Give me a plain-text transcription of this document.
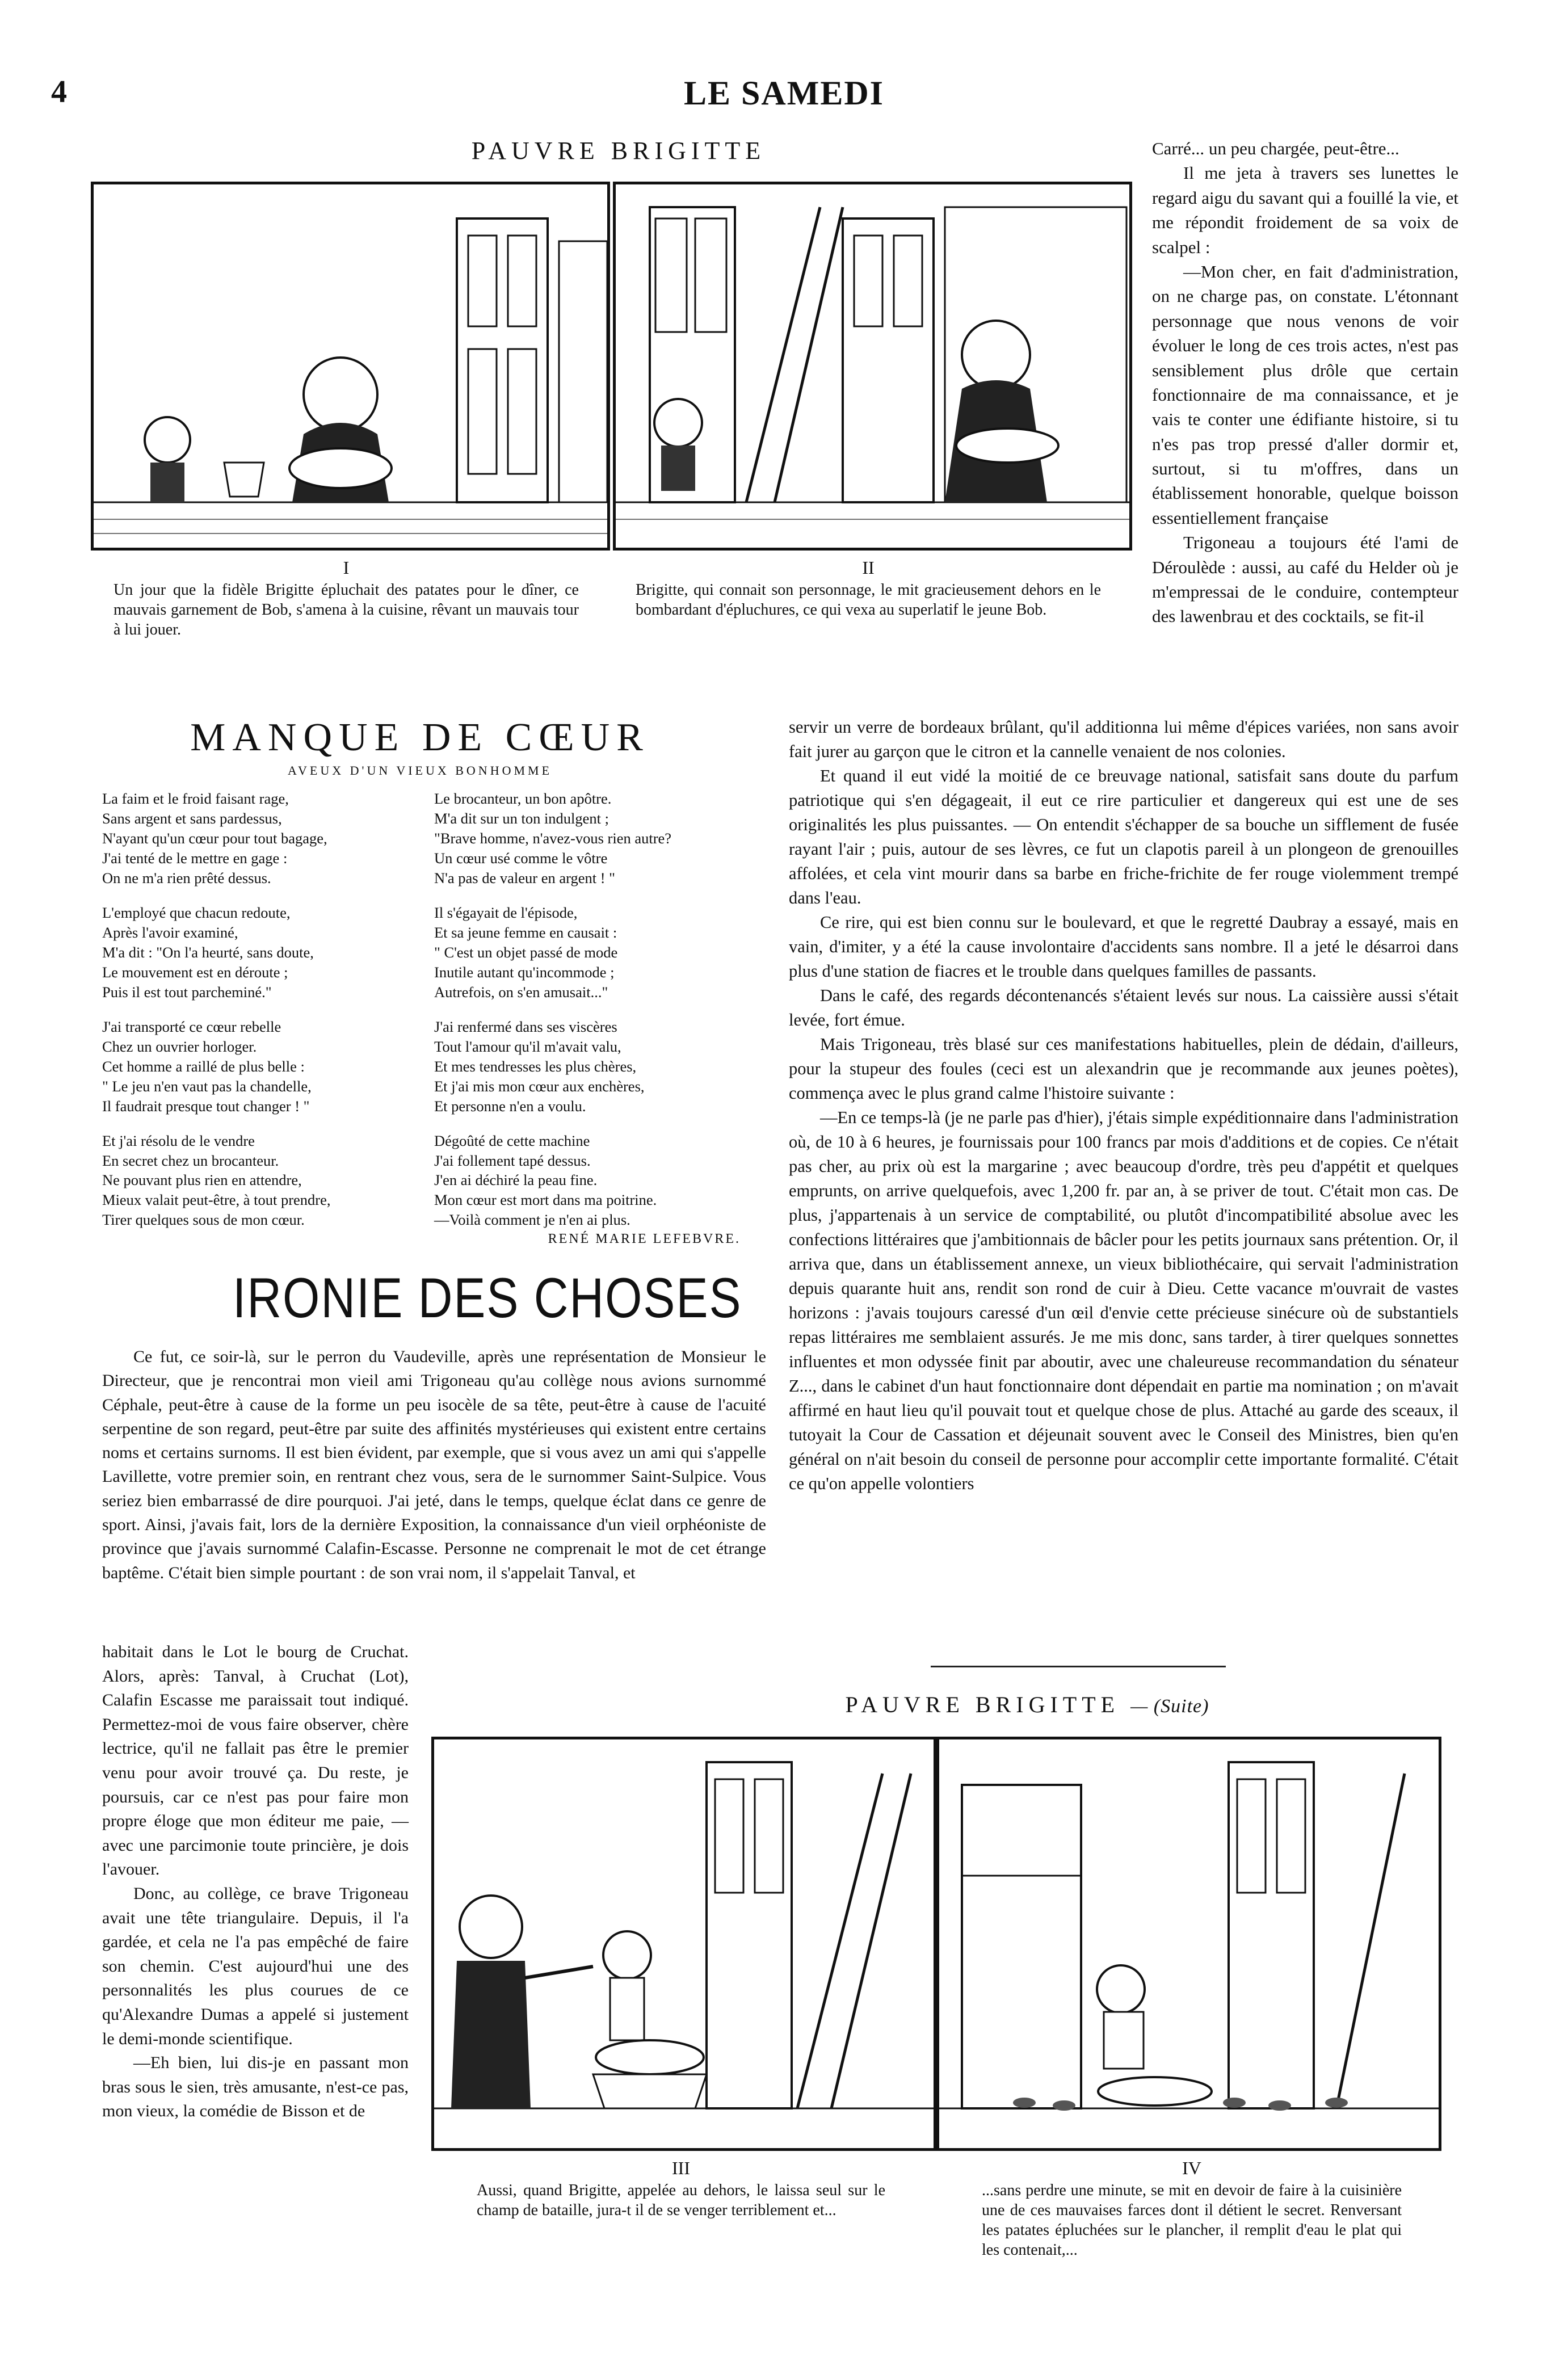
4	LE SAMEDI
PAUVRE BRIGITTE
I
Un jour que la fidèle Brigitte épluchait des patates pour le dîner, ce mauvais garnement de Bob, s'amena à la cuisine, rêvant un mauvais tour à lui jouer.
II
Brigitte, qui connait son personnage, le mit gracieusement dehors en le bombardant d'épluchures, ce qui vexa au superlatif le jeune Bob.

Carré... un peu chargée, peut-être...

Il me jeta à travers ses lunettes le regard aigu du savant qui a fouillé la vie, et me répondit froidement de sa voix de scalpel :

—Mon cher, en fait d'administration, on ne charge pas, on constate. L'étonnant personnage que nous venons de voir évoluer le long de ces trois actes, n'est pas sensiblement plus drôle que certain fonctionnaire de ma connaissance, et je vais te conter une édifiante histoire, si tu n'es pas trop pressé d'aller dormir et, surtout, si tu m'offres, dans un établissement honorable, quelque boisson essentiellement française

Trigoneau a toujours été l'ami de Déroulède : aussi, au café du Helder où je m'empressai de le conduire, contempteur des lawenbrau et des cocktails, se fit-il

MANQUE DE CŒUR
AVEUX D'UN VIEUX BONHOMME
La faim et le froid faisant rage,
Sans argent et sans pardessus,
N'ayant qu'un cœur pour tout bagage,
J'ai tenté de le mettre en gage :
On ne m'a rien prêté dessus.
L'employé que chacun redoute,
Après l'avoir examiné,
M'a dit : "On l'a heurté, sans doute,
Le mouvement est en déroute ;
Puis il est tout parcheminé."
J'ai transporté ce cœur rebelle
Chez un ouvrier horloger.
Cet homme a raillé de plus belle :
" Le jeu n'en vaut pas la chandelle,
Il faudrait presque tout changer ! "
Et j'ai résolu de le vendre
En secret chez un brocanteur.
Ne pouvant plus rien en attendre,
Mieux valait peut-être, à tout prendre,
Tirer quelques sous de mon cœur.
Le brocanteur, un bon apôtre.
M'a dit sur un ton indulgent ;
"Brave homme, n'avez-vous rien autre?
Un cœur usé comme le vôtre
N'a pas de valeur en argent ! "
Il s'égayait de l'épisode,
Et sa jeune femme en causait :
" C'est un objet passé de mode
Inutile autant qu'incommode ;
Autrefois, on s'en amusait..."
J'ai renfermé dans ses viscères
Tout l'amour qu'il m'avait valu,
Et mes tendresses les plus chères,
Et j'ai mis mon cœur aux enchères,
Et personne n'en a voulu.
Dégoûté de cette machine
J'ai follement tapé dessus.
J'en ai déchiré la peau fine.
Mon cœur est mort dans ma poitrine.
—Voilà comment je n'en ai plus.
RENÉ MARIE LEFEBVRE.
IRONIE DES CHOSES

Ce fut, ce soir-là, sur le perron du Vaudeville, après une représentation de Monsieur le Directeur, que je rencontrai mon vieil ami Trigoneau qu'au collège nous avions surnommé Céphale, peut-être à cause de la forme un peu isocèle de sa tête, peut-être à cause de l'acuité serpentine de son regard, peut-être par suite des affinités mystérieuses qui existent entre certains noms et certains surnoms. Il est bien évident, par exemple, que si vous avez un ami qui s'appelle Lavillette, votre premier soin, en rentrant chez vous, sera de le surnommer Saint-Sulpice. Vous seriez bien embarrassé de dire pourquoi. J'ai jeté, dans le temps, quelque éclat dans ce genre de sport. Ainsi, j'avais fait, lors de la dernière Exposition, la connaissance d'un vieil orphéoniste de province que j'avais surnommé Calafin-Escasse. Personne ne comprenait le mot de cet étrange baptême. C'était bien simple pourtant : de son vrai nom, il s'appelait Tanval, et

habitait dans le Lot le bourg de Cruchat. Alors, après: Tanval, à Cruchat (Lot), Calafin Escasse me paraissait tout indiqué. Permettez-moi de vous faire observer, chère lectrice, qu'il ne fallait pas être le premier venu pour avoir trouvé ça. Du reste, je poursuis, car ce n'est pas pour faire mon propre éloge que mon éditeur me paie, — avec une parcimonie toute princière, je dois l'avouer.

Donc, au collège, ce brave Trigoneau avait une tête triangulaire. Depuis, il l'a gardée, et cela ne l'a pas empêché de faire son chemin. C'est aujourd'hui une des personnalités les plus courues de ce qu'Alexandre Dumas a appelé si justement le demi-monde scientifique.

—Eh bien, lui dis-je en passant mon bras sous le sien, très amusante, n'est-ce pas, mon vieux, la comédie de Bisson et de

servir un verre de bordeaux brûlant, qu'il additionna lui même d'épices variées, non sans avoir fait jurer au garçon que le citron et la cannelle venaient de nos colonies.

Et quand il eut vidé la moitié de ce breuvage national, satisfait sans doute du parfum patriotique qui s'en dégageait, il eut ce rire particulier et dangereux qui est une de ses originalités les plus puissantes. — On entendit s'échapper de sa bouche un sifflement de fusée rayant l'air ; puis, autour de ses lèvres, ce fut un clapotis pareil à un plongeon de grenouilles affolées, et cela vint mourir dans sa barbe en friche-frichite de fer rouge violemment trempé dans l'eau.

Ce rire, qui est bien connu sur le boulevard, et que le regretté Daubray a essayé, mais en vain, d'imiter, y a été la cause involontaire d'accidents sans nombre. Il a jeté le désarroi dans plus d'une station de fiacres et le trouble dans quelques familles de passants.

Dans le café, des regards décontenancés s'étaient levés sur nous. La caissière aussi s'était levée, fort émue.

Mais Trigoneau, très blasé sur ces manifestations habituelles, plein de dédain, d'ailleurs, pour la stupeur des foules (ceci est un alexandrin que je recommande aux jeunes poètes), commença avec le plus grand calme l'histoire suivante :

—En ce temps-là (je ne parle pas d'hier), j'étais simple expéditionnaire dans l'administration où, de 10 à 6 heures, je fournissais pour 100 francs par mois d'additions et de copies. Ce n'était pas cher, au prix où est la margarine ; avec beaucoup d'ordre, très peu d'appétit et quelques emprunts, on arrive quelquefois, avec 1,200 fr. par an, à se priver de tout. C'était mon cas. De plus, j'appartenais à un service de comptabilité, ou plutôt d'incompatibilité absolue avec les confections littéraires que j'ambitionnais de bâcler pour les petits journaux sans prétention. Or, il arriva que, dans un établissement annexe, un vieux bibliothécaire, qui servait l'administration depuis quarante huit ans, rendit son rond de cuir à Dieu. Cette vacance m'ouvrait de vastes horizons : j'avais toujours caressé d'un œil d'envie cette précieuse sinécure où de substantiels repas littéraires me semblaient assurés. Je me mis donc, sans tarder, à tirer quelques sonnettes influentes et mon odyssée finit par aboutir, avec une chaleureuse recommandation du sénateur Z..., dans le cabinet d'un haut fonctionnaire dont dépendait en partie ma nomination ; on m'avait affirmé en haut lieu qu'il pouvait tout et quelque chose de plus. Attaché au garde des sceaux, il tutoyait la Cour de Cassation et déjeunait souvent avec le Conseil des Ministres, bien qu'en général on n'ait besoin du conseil de personne pour accomplir cette importante formalité. C'était ce qu'on appelle volontiers

PAUVRE BRIGITTE — (Suite)
III
Aussi, quand Brigitte, appelée au dehors, le laissa seul sur le champ de bataille, jura-t il de se venger terriblement et...
IV
...sans perdre une minute, se mit en devoir de faire à la cuisinière une de ces mauvaises farces dont il détient le secret. Renversant les patates épluchées sur le plancher, il remplit d'eau le plat qui les contenait,...
